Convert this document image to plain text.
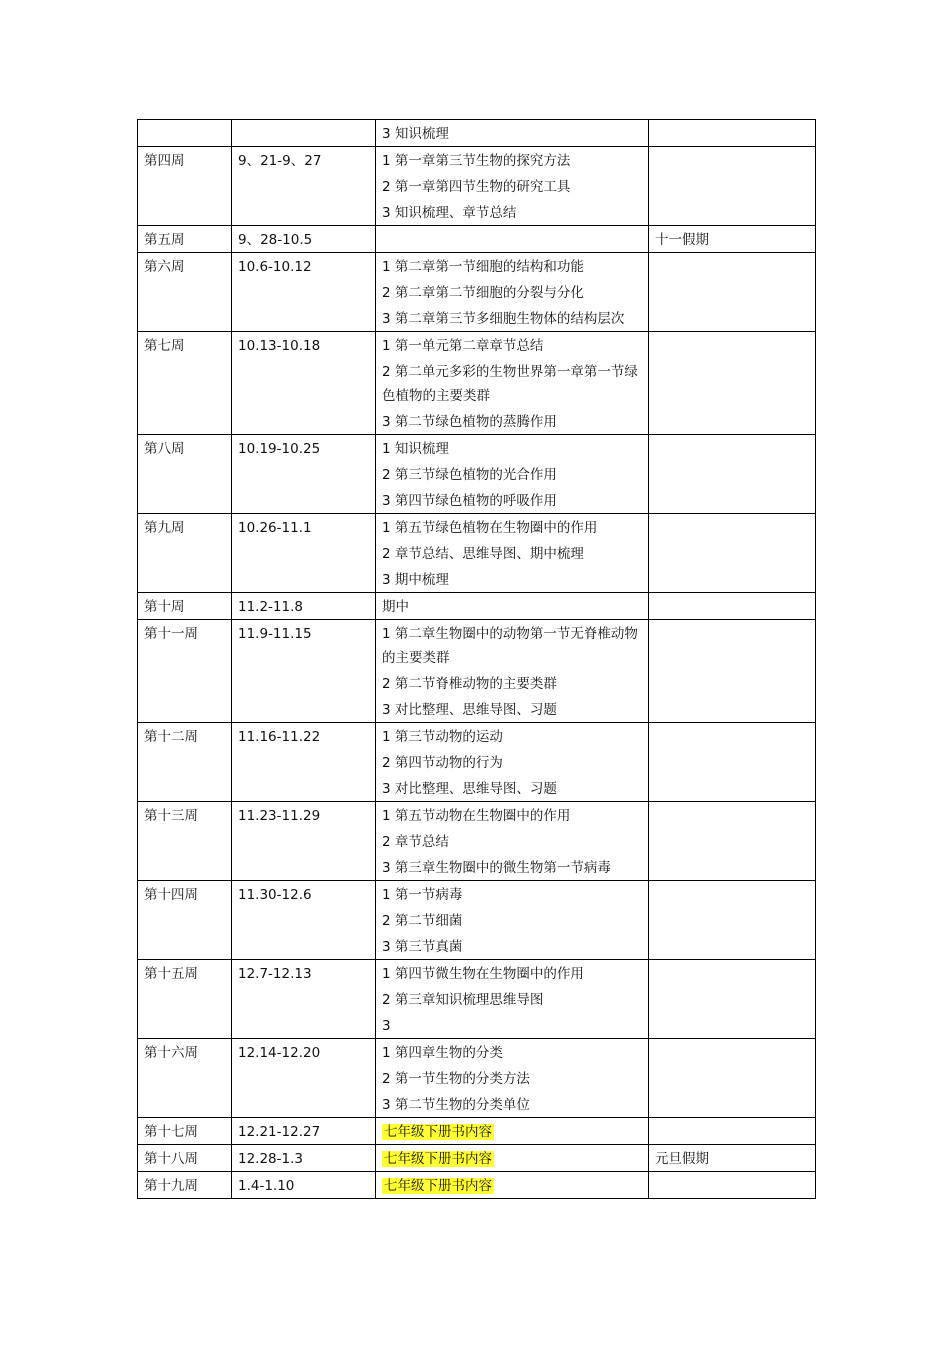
		3 知识梳理	

第四周	9、21-9、27	1 第一章第三节生物的探究方法
2 第一章第四节生物的研究工具
3 知识梳理、章节总结	

第五周	9、28-10.5		十一假期
第六周	10.6-10.12	1 第二章第一节细胞的结构和功能
2 第二章第二节细胞的分裂与分化
3 第二章第三节多细胞生物体的结构层次	

第七周	10.13-10.18	1 第一单元第二章章节总结
2 第二单元多彩的生物世界第一章第一节绿色植物的主要类群
3 第二节绿色植物的蒸腾作用	

第八周	10.19-10.25	1 知识梳理
2 第三节绿色植物的光合作用
3 第四节绿色植物的呼吸作用	

第九周	10.26-11.1	1 第五节绿色植物在生物圈中的作用
2 章节总结、思维导图、期中梳理
3 期中梳理	

第十周	11.2-11.8	期中	

第十一周	11.9-11.15	1 第二章生物圈中的动物第一节无脊椎动物的主要类群
2 第二节脊椎动物的主要类群
3 对比整理、思维导图、习题	

第十二周	11.16-11.22	1 第三节动物的运动
2 第四节动物的行为
3 对比整理、思维导图、习题	

第十三周	11.23-11.29	1 第五节动物在生物圈中的作用
2 章节总结
3 第三章生物圈中的微生物第一节病毒	

第十四周	11.30-12.6	1 第一节病毒
2 第二节细菌
3 第三节真菌	

第十五周	12.7-12.13	1 第四节微生物在生物圈中的作用
2 第三章知识梳理思维导图
3	

第十六周	12.14-12.20	1 第四章生物的分类
2 第一节生物的分类方法
3 第二节生物的分类单位	

第十七周	12.21-12.27	七年级下册书内容	

第十八周	12.28-1.3	七年级下册书内容	元旦假期
第十九周	1.4-1.10	七年级下册书内容	
